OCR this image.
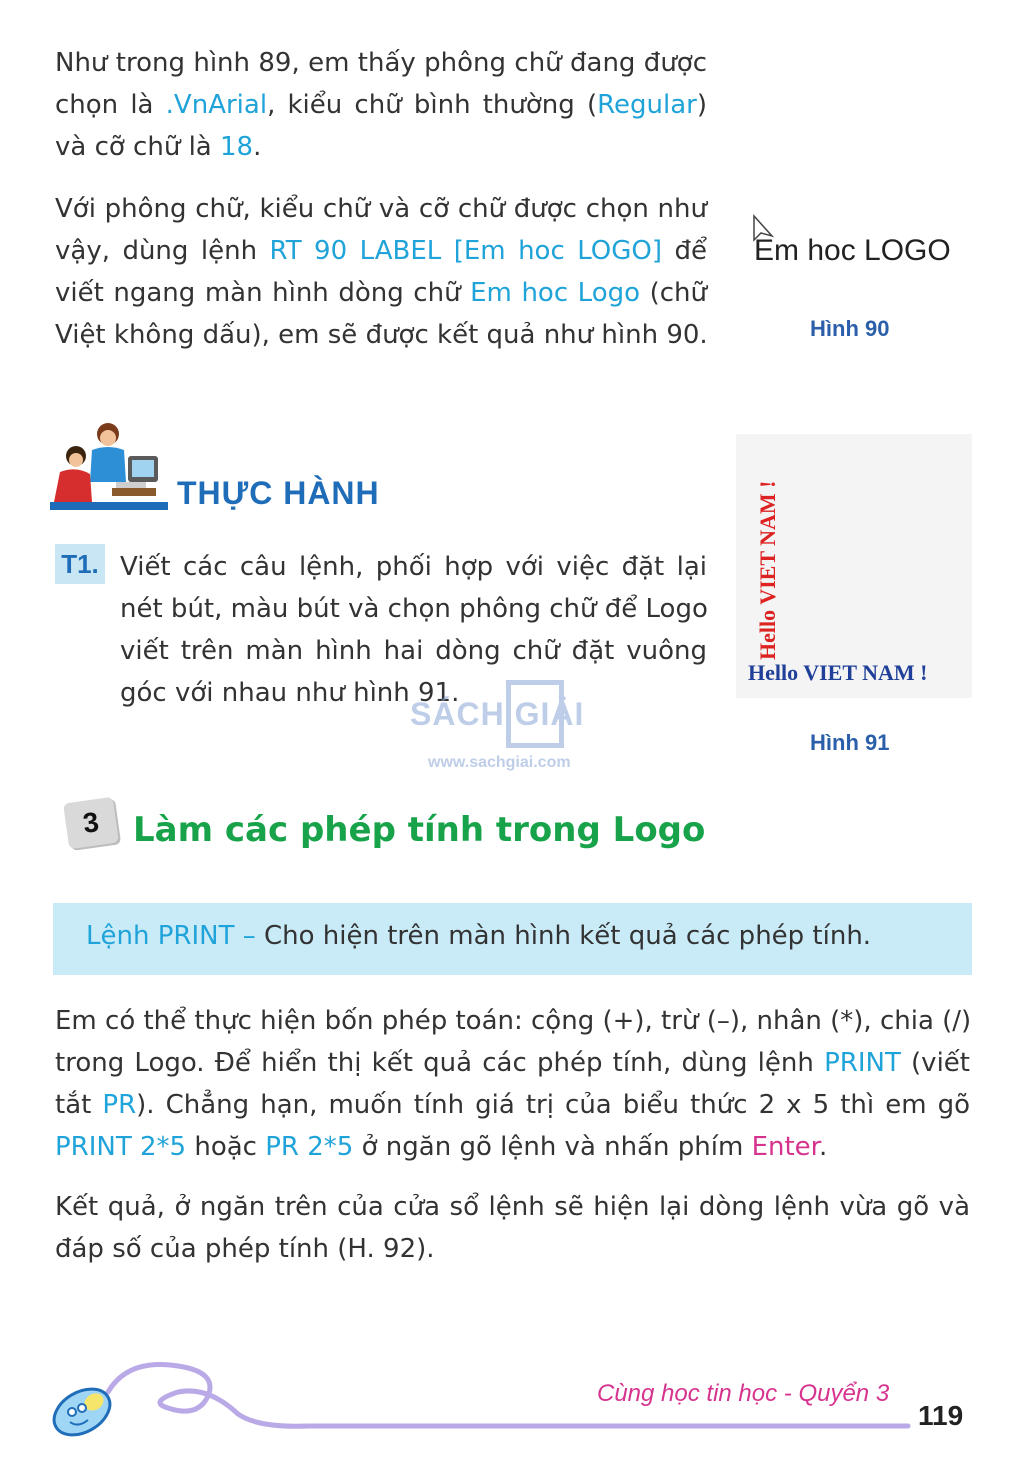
Như trong hình 89, em thấy phông chữ đang được
chọn là .VnArial, kiểu chữ bình thường (Regular)
và cỡ chữ là 18.
Với phông chữ, kiểu chữ và cỡ chữ được chọn như
vậy, dùng lệnh RT 90 LABEL [Em hoc LOGO] để
viết ngang màn hình dòng chữ Em hoc Logo (chữ
Việt không dấu), em sẽ được kết quả như hình 90.
Em hoc LOGO
Hình 90
THỰC HÀNH
T1. Viết các câu lệnh, phối hợp với việc đặt lại
nét bút, màu bút và chọn phông chữ để Logo
viết trên màn hình hai dòng chữ đặt vuông
góc với nhau như hình 91.
Hello VIET NAM !
Hello VIET NAM !
Hình 91
SÁCH GIẢI
www.sachgiai.com
3 Làm các phép tính trong Logo
Lệnh PRINT – Cho hiện trên màn hình kết quả các phép tính.
Em có thể thực hiện bốn phép toán: cộng (+), trừ (–), nhân (*), chia (/)
trong Logo. Để hiển thị kết quả các phép tính, dùng lệnh PRINT (viết
tắt PR). Chẳng hạn, muốn tính giá trị của biểu thức 2 x 5 thì em gõ
PRINT 2*5 hoặc PR 2*5 ở ngăn gõ lệnh và nhấn phím Enter.
Kết quả, ở ngăn trên của cửa sổ lệnh sẽ hiện lại dòng lệnh vừa gõ và
đáp số của phép tính (H. 92).
Cùng học tin học - Quyển 3
119
